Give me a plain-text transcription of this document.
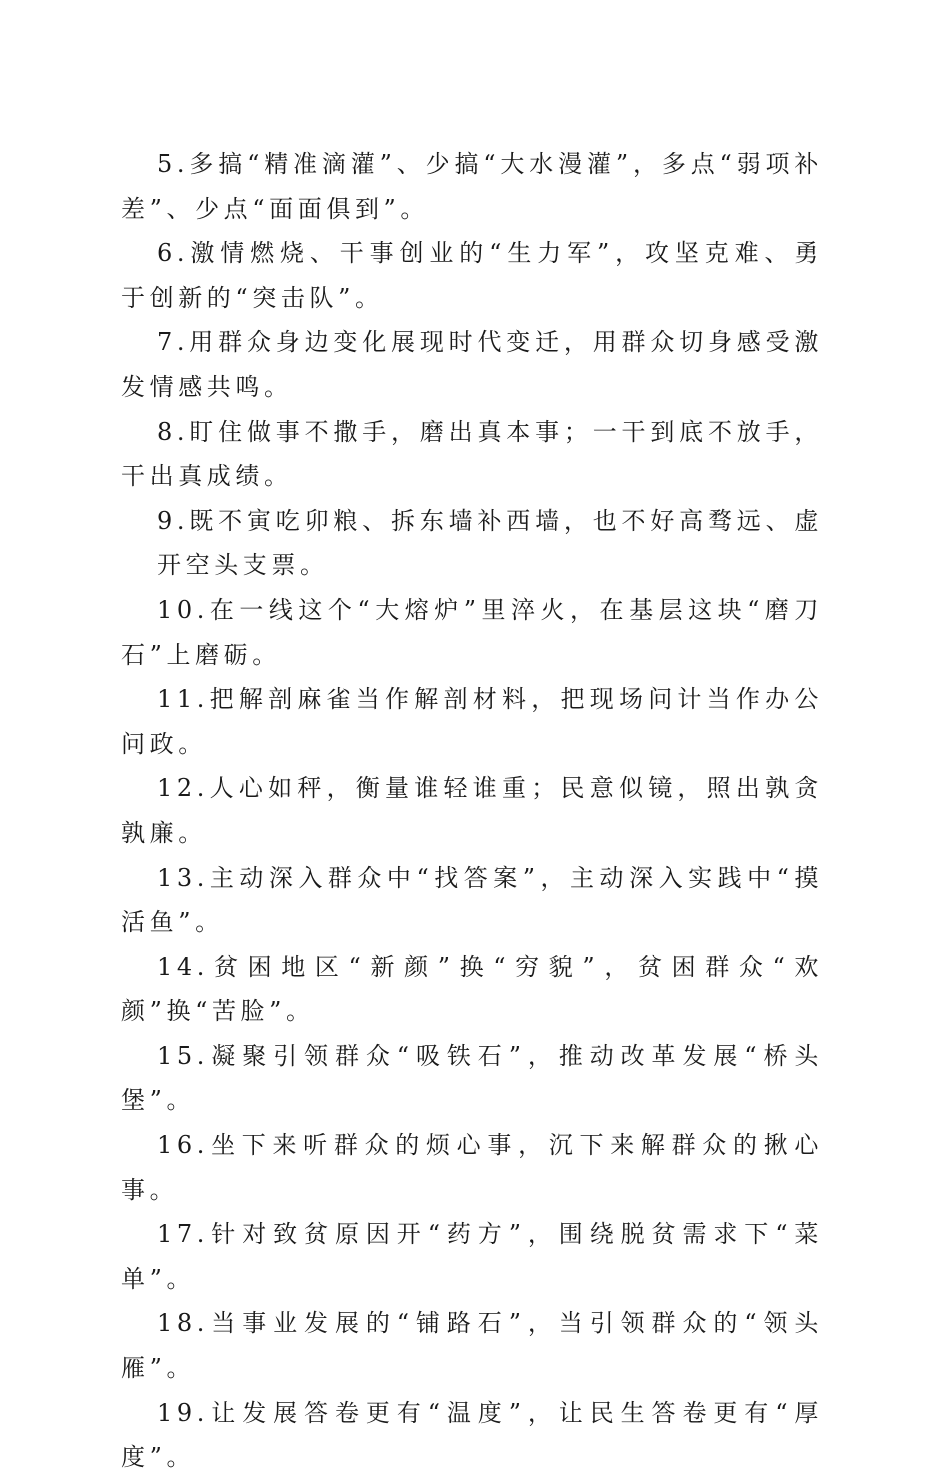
5.多搞“精准滴灌”、少搞“大水漫灌”，多点“弱项补差”、少点“面面俱到”。

6.激情燃烧、干事创业的“生力军”，攻坚克难、勇于创新的“突击队”。

7.用群众身边变化展现时代变迁，用群众切身感受激发情感共鸣。

8.盯住做事不撒手，磨出真本事；一干到底不放手，干出真成绩。

9.既不寅吃卯粮、拆东墙补西墙，也不好高骛远、虚开空头支票。

10.在一线这个“大熔炉”里淬火，在基层这块“磨刀石”上磨砺。

11.把解剖麻雀当作解剖材料，把现场问计当作办公问政。

12.人心如秤，衡量谁轻谁重；民意似镜，照出孰贪孰廉。

13.主动深入群众中“找答案”，主动深入实践中“摸活鱼”。

14.贫困地区“新颜”换“穷貌”，贫困群众“欢颜”换“苦脸”。

15.凝聚引领群众“吸铁石”，推动改革发展“桥头堡”。

16.坐下来听群众的烦心事，沉下来解群众的揪心事。

17.针对致贫原因开“药方”，围绕脱贫需求下“菜单”。

18.当事业发展的“铺路石”，当引领群众的“领头雁”。

19.让发展答卷更有“温度”，让民生答卷更有“厚度”。
